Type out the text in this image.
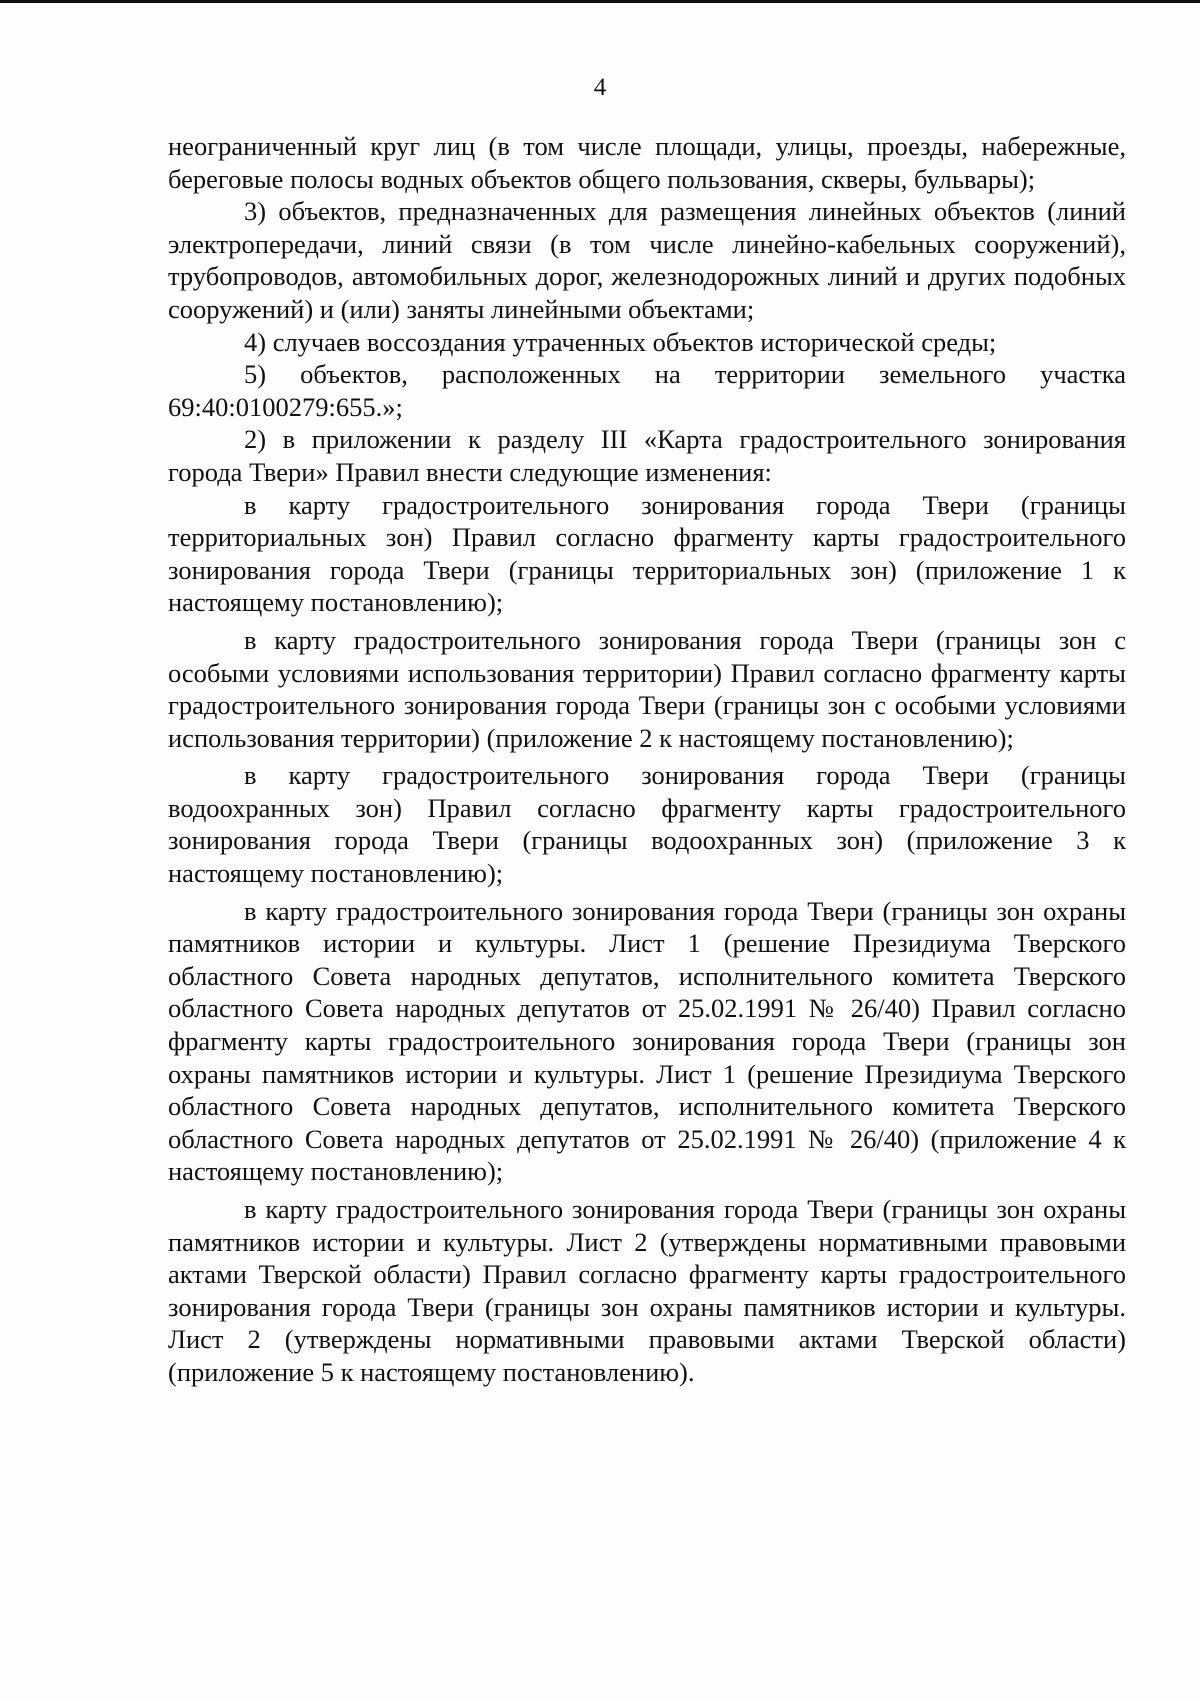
4

неограниченный круг лиц (в том числе площади, улицы, проезды, набережные, береговые полосы водных объектов общего пользования, скверы, бульвары);

3) объектов, предназначенных для размещения линейных объектов (линий электропередачи, линий связи (в том числе линейно-кабельных сооружений), трубопроводов, автомобильных дорог, железнодорожных линий и других подобных сооружений) и (или) заняты линейными объектами;

4) случаев воссоздания утраченных объектов исторической среды;

5) объектов, расположенных на территории земельного участка 69:40:0100279:655.»;

2) в приложении к разделу III «Карта градостроительного зонирования города Твери» Правил внести следующие изменения:

в карту градостроительного зонирования города Твери (границы территориальных зон) Правил согласно фрагменту карты градостроительного зонирования города Твери (границы территориальных зон) (приложение 1 к настоящему постановлению);

в карту градостроительного зонирования города Твери (границы зон с особыми условиями использования территории) Правил согласно фрагменту карты градостроительного зонирования города Твери (границы зон с особыми условиями использования территории) (приложение 2 к настоящему постановлению);

в карту градостроительного зонирования города Твери (границы водоохранных зон) Правил согласно фрагменту карты градостроительного зонирования города Твери (границы водоохранных зон) (приложение 3 к настоящему постановлению);

в карту градостроительного зонирования города Твери (границы зон охраны памятников истории и культуры. Лист 1 (решение Президиума Тверского областного Совета народных депутатов, исполнительного комитета Тверского областного Совета народных депутатов от 25.02.1991 № 26/40) Правил согласно фрагменту карты градостроительного зонирования города Твери (границы зон охраны памятников истории и культуры. Лист 1 (решение Президиума Тверского областного Совета народных депутатов, исполнительного комитета Тверского областного Совета народных депутатов от 25.02.1991 № 26/40) (приложение 4 к настоящему постановлению);

в карту градостроительного зонирования города Твери (границы зон охраны памятников истории и культуры. Лист 2 (утверждены нормативными правовыми актами Тверской области) Правил согласно фрагменту карты градостроительного зонирования города Твери (границы зон охраны памятников истории и культуры. Лист 2 (утверждены нормативными правовыми актами Тверской области) (приложение 5 к настоящему постановлению).
